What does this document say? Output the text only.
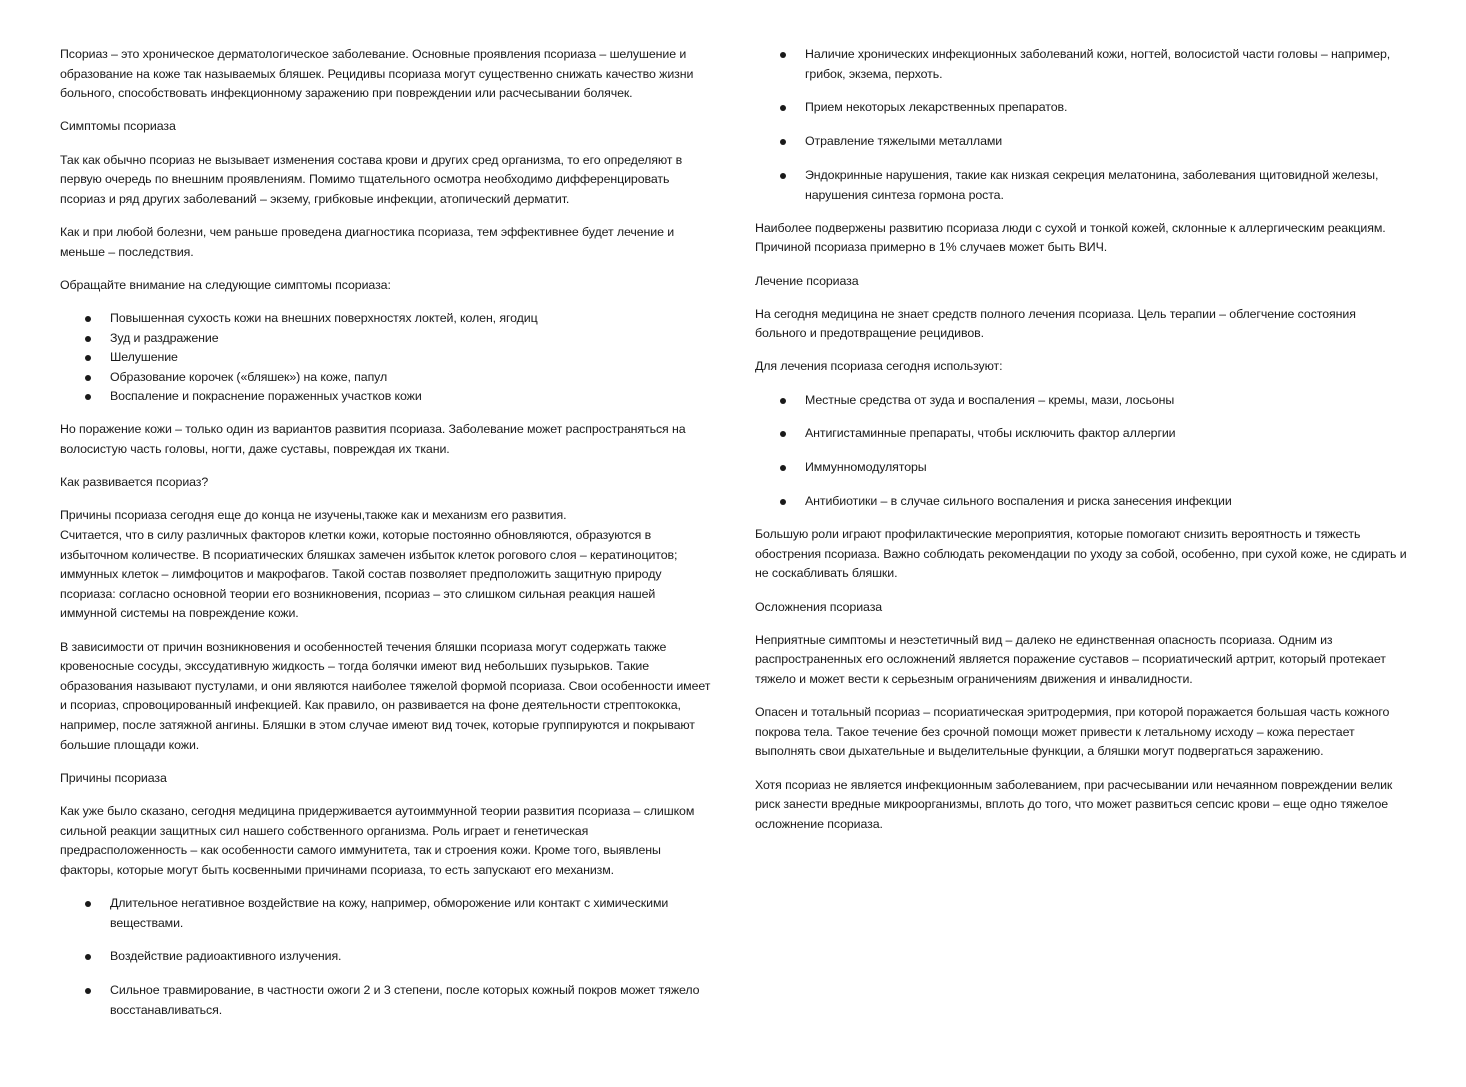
Псориаз – это хроническое дерматологическое заболевание. Основные проявления псориаза – шелушение и образование на коже так называемых бляшек. Рецидивы псориаза могут существенно снижать качество жизни больного, способствовать инфекционному заражению при повреждении или расчесывании болячек.

Симптомы псориаза

Так как обычно псориаз не вызывает изменения состава крови и других сред организма, то его определяют в первую очередь по внешним проявлениям. Помимо тщательного осмотра необходимо дифференцировать псориаз и ряд других заболеваний – экзему, грибковые инфекции, атопический дерматит.

Как и при любой болезни, чем раньше проведена диагностика псориаза, тем эффективнее будет лечение и меньше – последствия.

Обращайте внимание на следующие симптомы псориаза:

Повышенная сухость кожи на внешних поверхностях локтей, колен, ягодиц
Зуд и раздражение
Шелушение
Образование корочек («бляшек») на коже, папул
Воспаление и покраснение пораженных участков кожи

Но поражение кожи – только один из вариантов развития псориаза. Заболевание может распространяться на волосистую часть головы, ногти, даже суставы, повреждая их ткани.

Как развивается псориаз?

Причины псориаза сегодня еще до конца не изучены,также как и механизм его развития.
Считается, что в силу различных факторов клетки кожи, которые постоянно обновляются, образуются в избыточном количестве. В псориатических бляшках замечен избыток клеток рогового слоя – кератиноцитов; иммунных клеток – лимфоцитов и макрофагов. Такой состав позволяет предположить защитную природу псориаза: согласно основной теории его возникновения, псориаз – это слишком сильная реакция нашей иммунной системы на повреждение кожи.

В зависимости от причин возникновения и особенностей течения бляшки псориаза могут содержать также кровеносные сосуды, экссудативную жидкость – тогда болячки имеют вид небольших пузырьков. Такие образования называют пустулами, и они являются наиболее тяжелой формой псориаза. Свои особенности имеет и псориаз, спровоцированный инфекцией. Как правило, он развивается на фоне деятельности стрептококка, например, после затяжной ангины. Бляшки в этом случае имеют вид точек, которые группируются и покрывают большие площади кожи.

Причины псориаза

Как уже было сказано, сегодня медицина придерживается аутоиммунной теории развития псориаза – слишком сильной реакции защитных сил нашего собственного организма. Роль играет и генетическая предрасположенность – как особенности самого иммунитета, так и строения кожи. Кроме того, выявлены факторы, которые могут быть косвенными причинами псориаза, то есть запускают его механизм.

Длительное негативное воздействие на кожу, например, обморожение или контакт с химическими веществами.
Воздействие радиоактивного излучения.
Сильное травмирование, в частности ожоги 2 и 3 степени, после которых кожный покров может тяжело восстанавливаться.
Наличие хронических инфекционных заболеваний кожи, ногтей, волосистой части головы – например, грибок, экзема, перхоть.
Прием некоторых лекарственных препаратов.
Отравление тяжелыми металлами
Эндокринные нарушения, такие как низкая секреция мелатонина, заболевания щитовидной железы, нарушения синтеза гормона роста.

Наиболее подвержены развитию псориаза люди с сухой и тонкой кожей, склонные к аллергическим реакциям. Причиной псориаза примерно в 1% случаев может быть ВИЧ.

Лечение псориаза

На сегодня медицина не знает средств полного лечения псориаза. Цель терапии – облегчение состояния больного и предотвращение рецидивов.

Для лечения псориаза сегодня используют:

Местные средства от зуда и воспаления – кремы, мази, лосьоны
Антигистаминные препараты, чтобы исключить фактор аллергии
Иммунномодуляторы
Антибиотики – в случае сильного воспаления и риска занесения инфекции

Большую роли играют профилактические мероприятия, которые помогают снизить вероятность и тяжесть обострения псориаза. Важно соблюдать рекомендации по уходу за собой, особенно, при сухой коже, не сдирать и не соскабливать бляшки.

Осложнения псориаза

Неприятные симптомы и неэстетичный вид – далеко не единственная опасность псориаза. Одним из распространенных его осложнений является поражение суставов – псориатический артрит, который протекает тяжело и может вести к серьезным ограничениям движения и инвалидности.

Опасен и тотальный псориаз – псориатическая эритродермия, при которой поражается большая часть кожного покрова тела. Такое течение без срочной помощи может привести к летальному исходу – кожа перестает выполнять свои дыхательные и выделительные функции, а бляшки могут подвергаться заражению.

Хотя псориаз не является инфекционным заболеванием, при расчесывании или нечаянном повреждении велик риск занести вредные микроорганизмы, вплоть до того, что может развиться сепсис крови – еще одно тяжелое осложнение псориаза.
